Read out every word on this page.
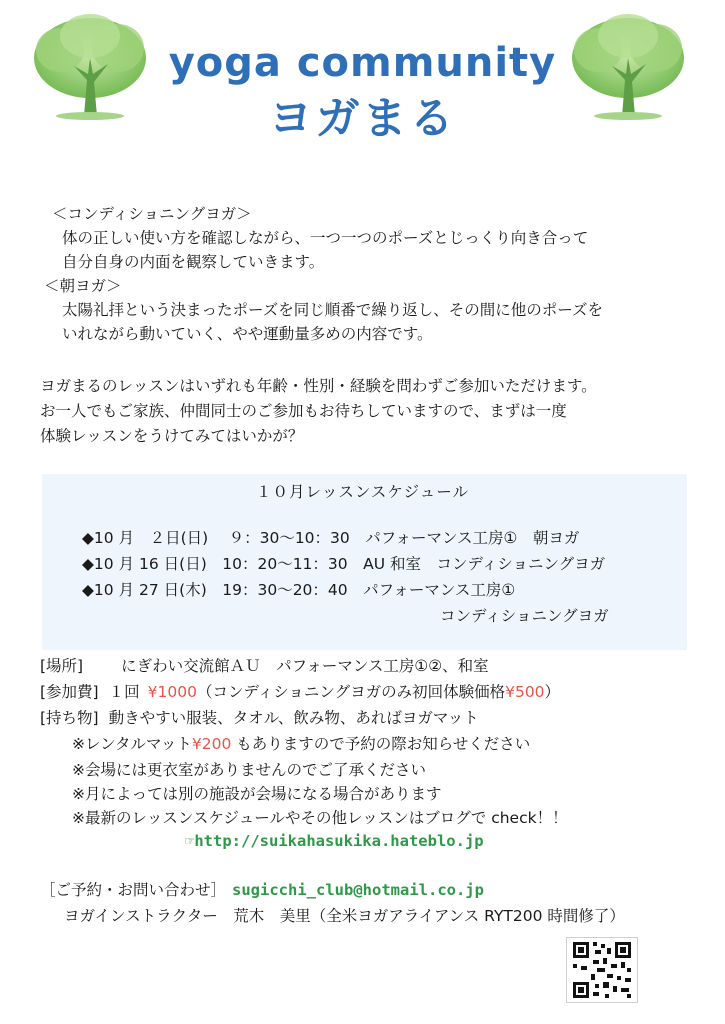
yoga community
ヨガまる
＜コンディショニングヨガ＞
体の正しい使い方を確認しながら、一つ一つのポーズとじっくり向き合って
自分自身の内面を観察していきます。
＜朝ヨガ＞
太陽礼拝という決まったポーズを同じ順番で繰り返し、その間に他のポーズを
いれながら動いていく、やや運動量多めの内容です。
ヨガまるのレッスンはいずれも年齢・性別・経験を問わずご参加いただけます。
お一人でもご家族、仲間同士のご参加もお待ちしていますので、まずは一度
体験レッスンをうけてみてはいかが？
１０月レッスンスケジュール
◆10 月　２日(日)　 ９：30〜10：30　パフォーマンス工房①　朝ヨガ
◆10 月 16 日(日)　10：20〜11：30　AU 和室　コンディショニングヨガ
◆10 月 27 日(木)　19：30〜20：40　パフォーマンス工房①
コンディショニングヨガ
[場所] にぎわい交流館ＡＵ　パフォーマンス工房①②、和室
[参加費] １回 ¥1000（コンディショニングヨガのみ初回体験価格¥500）
[持ち物] 動きやすい服装、タオル、飲み物、あればヨガマット
※レンタルマット¥200 もありますので予約の際お知らせください
※会場には更衣室がありませんのでご了承ください
※月によっては別の施設が会場になる場合があります
※最新のレッスンスケジュールやその他レッスンはブログで check！！
☞http://suikahasukika.hateblo.jp
［ご予約・お問い合わせ］ sugicchi_club@hotmail.co.jp
ヨガインストラクター　荒木　美里（全米ヨガアライアンス RYT200 時間修了）
